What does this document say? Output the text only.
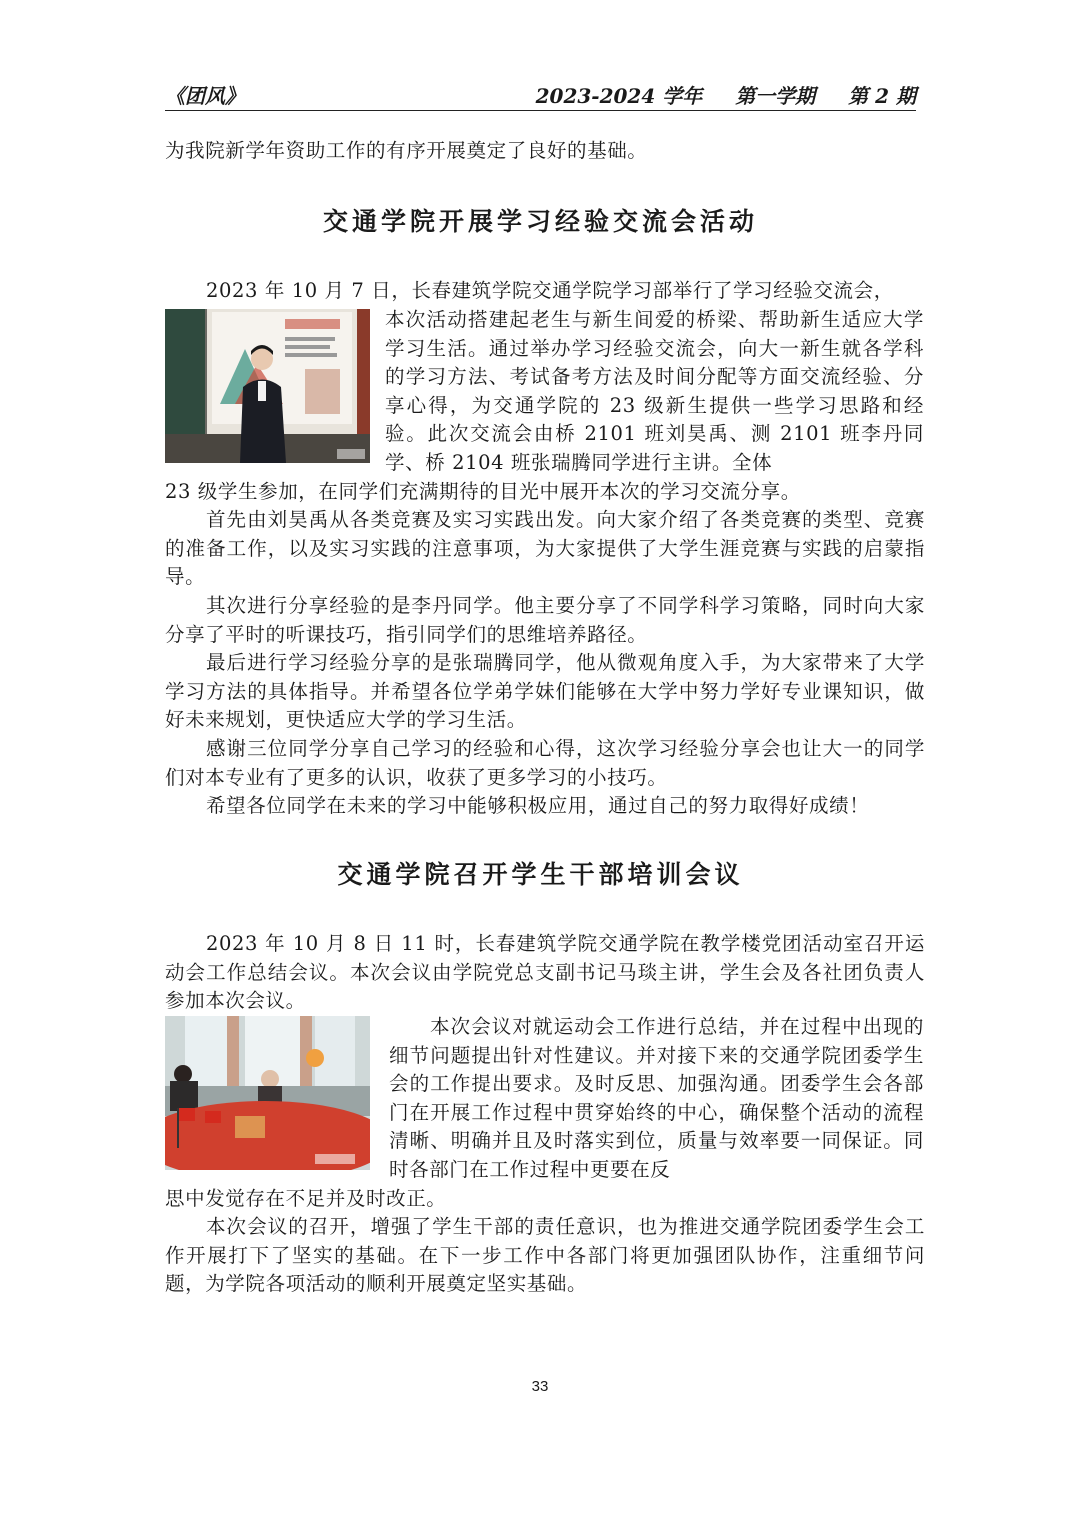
《团风》	2023-2024 学年 第一学期 第 2 期
为我院新学年资助工作的有序开展奠定了良好的基础。
交通学院开展学习经验交流会活动
2023 年 10 月 7 日，长春建筑学院交通学院学习部举行了学习经验交流会，
本次活动搭建起老生与新生间爱的桥梁、帮助新生适应大学学习生活。通过举办学习经验交流会，向大一新生就各学科的学习方法、考试备考方法及时间分配等方面交流经验、分享心得，为交通学院的 23 级新生提供一些学习思路和经验。此次交流会由桥 2101 班刘昊禹、测 2101 班李丹同学、桥 2104 班张瑞腾同学进行主讲。全体
23 级学生参加，在同学们充满期待的目光中展开本次的学习交流分享。
首先由刘昊禹从各类竞赛及实习实践出发。向大家介绍了各类竞赛的类型、竞赛的准备工作，以及实习实践的注意事项，为大家提供了大学生涯竞赛与实践的启蒙指导。
其次进行分享经验的是李丹同学。他主要分享了不同学科学习策略，同时向大家分享了平时的听课技巧，指引同学们的思维培养路径。
最后进行学习经验分享的是张瑞腾同学，他从微观角度入手，为大家带来了大学学习方法的具体指导。并希望各位学弟学妹们能够在大学中努力学好专业课知识，做好未来规划，更快适应大学的学习生活。
感谢三位同学分享自己学习的经验和心得，这次学习经验分享会也让大一的同学们对本专业有了更多的认识，收获了更多学习的小技巧。
希望各位同学在未来的学习中能够积极应用，通过自己的努力取得好成绩！
交通学院召开学生干部培训会议
2023 年 10 月 8 日 11 时，长春建筑学院交通学院在教学楼党团活动室召开运动会工作总结会议。本次会议由学院党总支副书记马琰主讲，学生会及各社团负责人参加本次会议。
本次会议对就运动会工作进行总结，并在过程中出现的细节问题提出针对性建议。并对接下来的交通学院团委学生会的工作提出要求。及时反思、加强沟通。团委学生会各部门在开展工作过程中贯穿始终的中心，确保整个活动的流程清晰、明确并且及时落实到位，质量与效率要一同保证。同时各部门在工作过程中更要在反
思中发觉存在不足并及时改正。
本次会议的召开，增强了学生干部的责任意识，也为推进交通学院团委学生会工作开展打下了坚实的基础。在下一步工作中各部门将更加强团队协作，注重细节问题，为学院各项活动的顺利开展奠定坚实基础。
33
